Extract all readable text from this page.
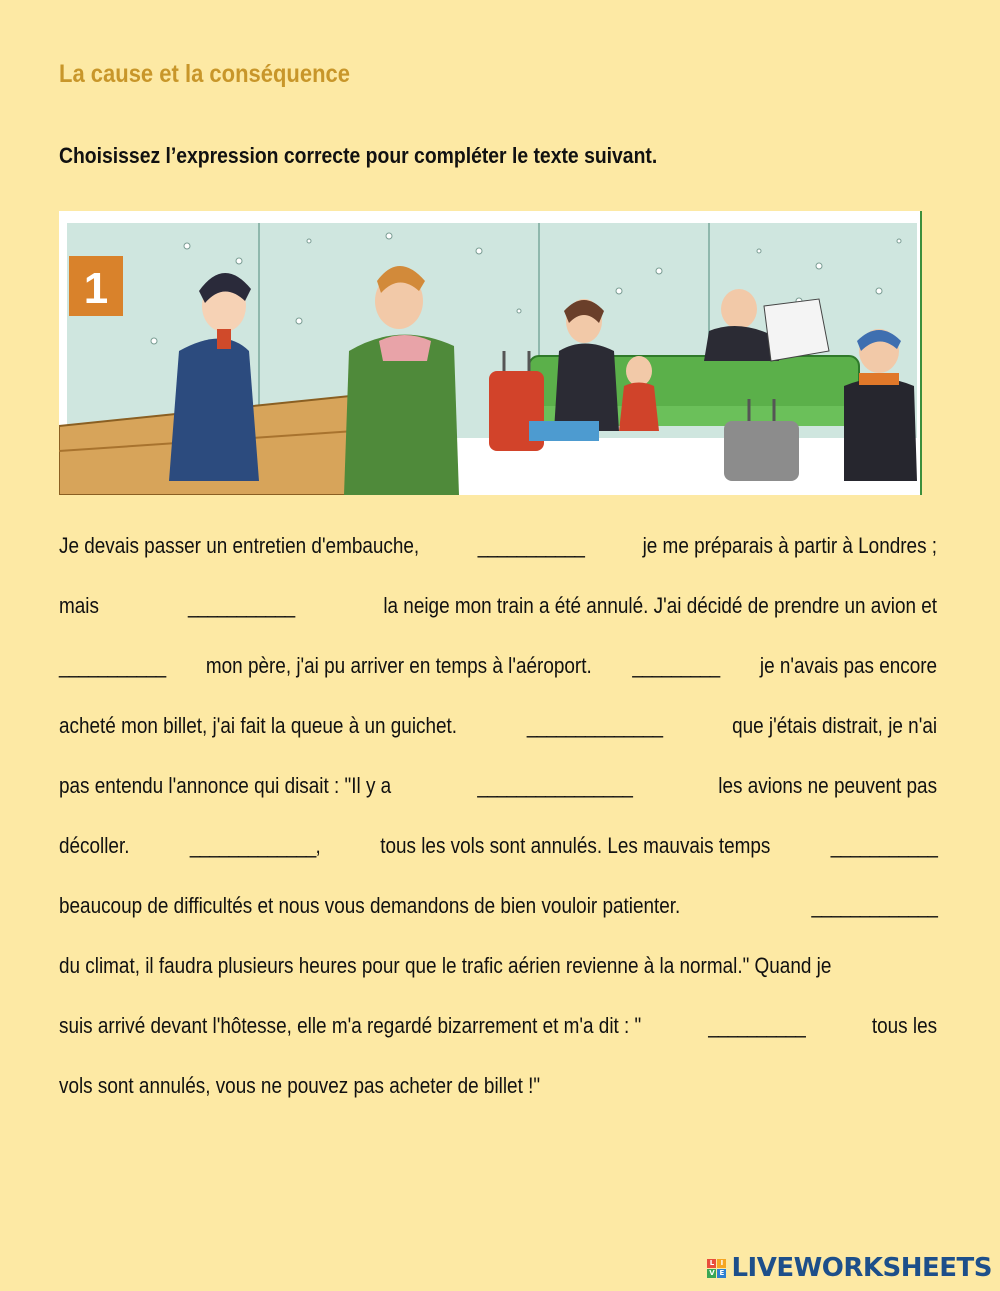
La cause et la conséquence
Choisissez l’expression correcte pour compléter le texte suivant.
1
Je devais passer un entretien d'embauche,	___________	je me préparais à partir à Londres ;
mais	___________	la neige mon train a été annulé. J'ai décidé de prendre un avion et
___________ mon père, j'ai pu arriver en temps à l'aéroport. _________ je n'avais pas encore
acheté mon billet, j'ai fait la queue à un guichet.	______________	que j'étais distrait, je n'ai
pas entendu l'annonce qui disait : "Il y a	________________	les avions ne peuvent pas
décoller.	_____________,	tous les vols sont annulés. Les mauvais temps	___________
beaucoup de difficultés et nous vous demandons de bien vouloir patienter.	_____________
du climat, il faudra plusieurs heures pour que le trafic aérien revienne à la normal." Quand je
suis arrivé devant l'hôtesse, elle m'a regardé bizarrement et m'a dit : "	__________	tous les
vols sont annulés, vous ne pouvez pas acheter de billet !"
L I
V E LIVEWORKSHEETS
